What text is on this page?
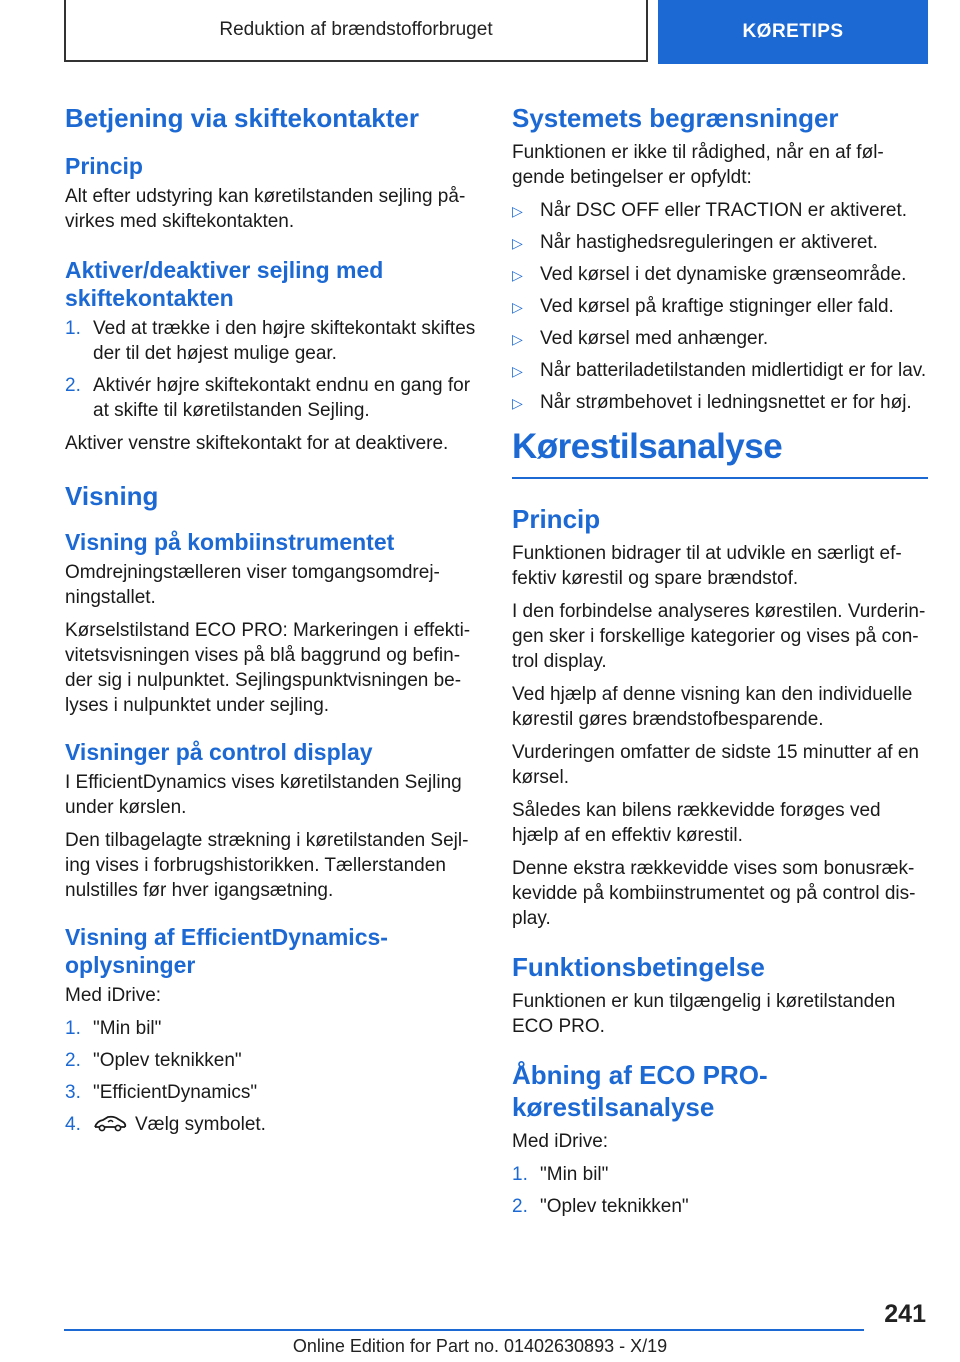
Reduktion af brændstofforbruget	KØRETIPS
Betjening via skiftekontakter
Princip

Alt efter udstyring kan køretilstanden sejling påvirkes med skiftekontakten.

Aktiver/deaktiver sejling med skiftekontakten
1. Ved at trække i den højre skiftekontakt skiftes der til det højest mulige gear.
2. Aktivér højre skiftekontakt endnu en gang for at skifte til køretilstanden Sejling.

Aktiver venstre skiftekontakt for at deaktivere.

Visning
Visning på kombiinstrumentet

Omdrejningstælleren viser tomgangsomdrejningstallet.

Kørselstilstand ECO PRO: Markeringen i effektivitetsvisningen vises på blå baggrund og befinder sig i nulpunktet. Sejlingspunktvisningen belyses i nulpunktet under sejling.

Visninger på control display

I EfficientDynamics vises køretilstanden Sejling under kørslen.

Den tilbagelagte strækning i køretilstanden Sejling vises i forbrugshistorikken. Tællerstanden nulstilles før hver igangsætning.

Visning af EfficientDynamics-oplysninger

Med iDrive:

1. "Min bil"
2. "Oplev teknikken"
3. "EfficientDynamics"
4.	Vælg symbolet.
Systemets begrænsninger

Funktionen er ikke til rådighed, når en af følgende betingelser er opfyldt:

▷ Når DSC OFF eller TRACTION er aktiveret.
▷ Når hastighedsreguleringen er aktiveret.
▷ Ved kørsel i det dynamiske grænseområde.
▷ Ved kørsel på kraftige stigninger eller fald.
▷ Ved kørsel med anhænger.
▷ Når batteriladetilstanden midlertidigt er for lav.
▷ Når strømbehovet i ledningsnettet er for høj.
Kørestilsanalyse
Princip

Funktionen bidrager til at udvikle en særligt effektiv kørestil og spare brændstof.

I den forbindelse analyseres kørestilen. Vurderingen sker i forskellige kategorier og vises på control display.

Ved hjælp af denne visning kan den individuelle kørestil gøres brændstofbesparende.

Vurderingen omfatter de sidste 15 minutter af en kørsel.

Således kan bilens rækkevidde forøges ved hjælp af en effektiv kørestil.

Denne ekstra rækkevidde vises som bonusrækkevidde på kombiinstrumentet og på control display.

Funktionsbetingelse

Funktionen er kun tilgængelig i køretilstanden ECO PRO.

Åbning af ECO PRO-kørestilsanalyse

Med iDrive:

1. "Min bil"
2. "Oplev teknikken"
241
Online Edition for Part no. 01402630893 - X/19
